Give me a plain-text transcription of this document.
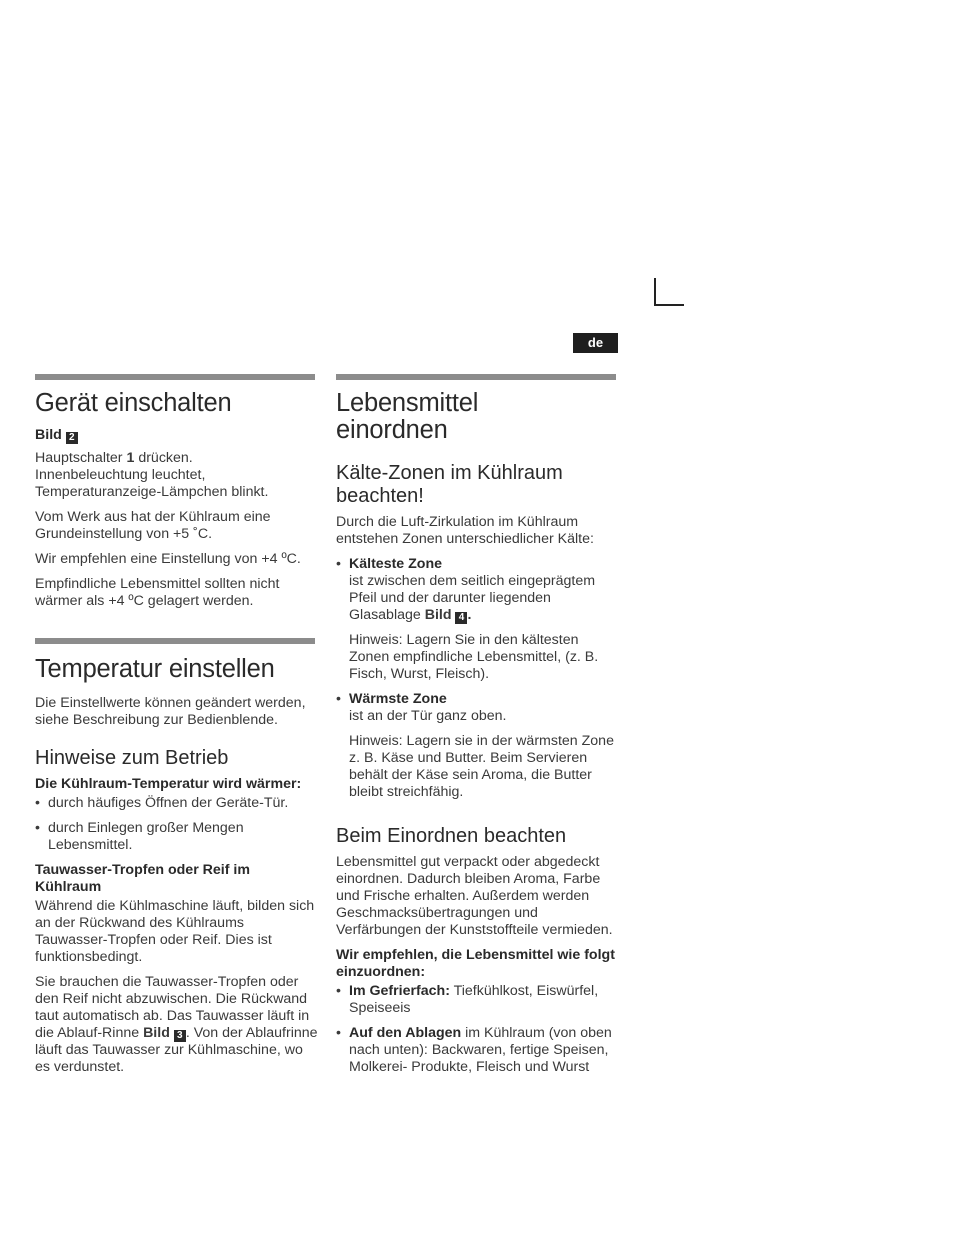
de
Gerät einschalten

Bild 2

Hauptschalter 1 drücken.
Innenbeleuchtung leuchtet,
Temperaturanzeige-Lämpchen blinkt.

Vom Werk aus hat der Kühlraum eine Grundeinstellung von +5 ˚C.

Wir empfehlen eine Einstellung von +4 ºC.

Empfindliche Lebensmittel sollten nicht wärmer als +4 ºC gelagert werden.

Temperatur einstellen

Die Einstellwerte können geändert werden, siehe Beschreibung zur Bedienblende.

Hinweise zum Betrieb

Die Kühlraum-Temperatur wird wärmer:

• durch häufiges Öffnen der Geräte-Tür.
• durch Einlegen großer Mengen Lebensmittel.

Tauwasser-Tropfen oder Reif im Kühlraum

Während die Kühlmaschine läuft, bilden sich an der Rückwand des Kühlraums Tauwasser-Tropfen oder Reif. Dies ist funktionsbedingt.

Sie brauchen die Tauwasser-Tropfen oder den Reif nicht abzuwischen. Die Rückwand taut automatisch ab. Das Tauwasser läuft in die Ablauf-Rinne Bild 3 . Von der Ablaufrinne läuft das Tauwasser zur Kühlmaschine, wo es verdunstet.

Lebensmittel einordnen
Kälte-Zonen im Kühlraum beachten!

Durch die Luft-Zirkulation im Kühlraum entstehen Zonen unterschiedlicher Kälte:

• Kälteste Zone
ist zwischen dem seitlich eingeprägtem Pfeil und der darunter liegenden Glasablage Bild 4 .
Hinweis: Lagern Sie in den kältesten Zonen empfindliche Lebensmittel, (z. B. Fisch, Wurst, Fleisch).
• Wärmste Zone
ist an der Tür ganz oben.
Hinweis: Lagern sie in der wärmsten Zone z. B. Käse und Butter. Beim Servieren behält der Käse sein Aroma, die Butter bleibt streichfähig.
Beim Einordnen beachten

Lebensmittel gut verpackt oder abgedeckt einordnen. Dadurch bleiben Aroma, Farbe und Frische erhalten. Außerdem werden Geschmacksübertragungen und Verfärbungen der Kunststoffteile vermieden.

Wir empfehlen, die Lebensmittel wie folgt einzuordnen:

• Im Gefrierfach: Tiefkühlkost, Eiswürfel, Speiseeis
• Auf den Ablagen im Kühlraum (von oben nach unten): Backwaren, fertige Speisen, Molkerei- Produkte, Fleisch und Wurst
